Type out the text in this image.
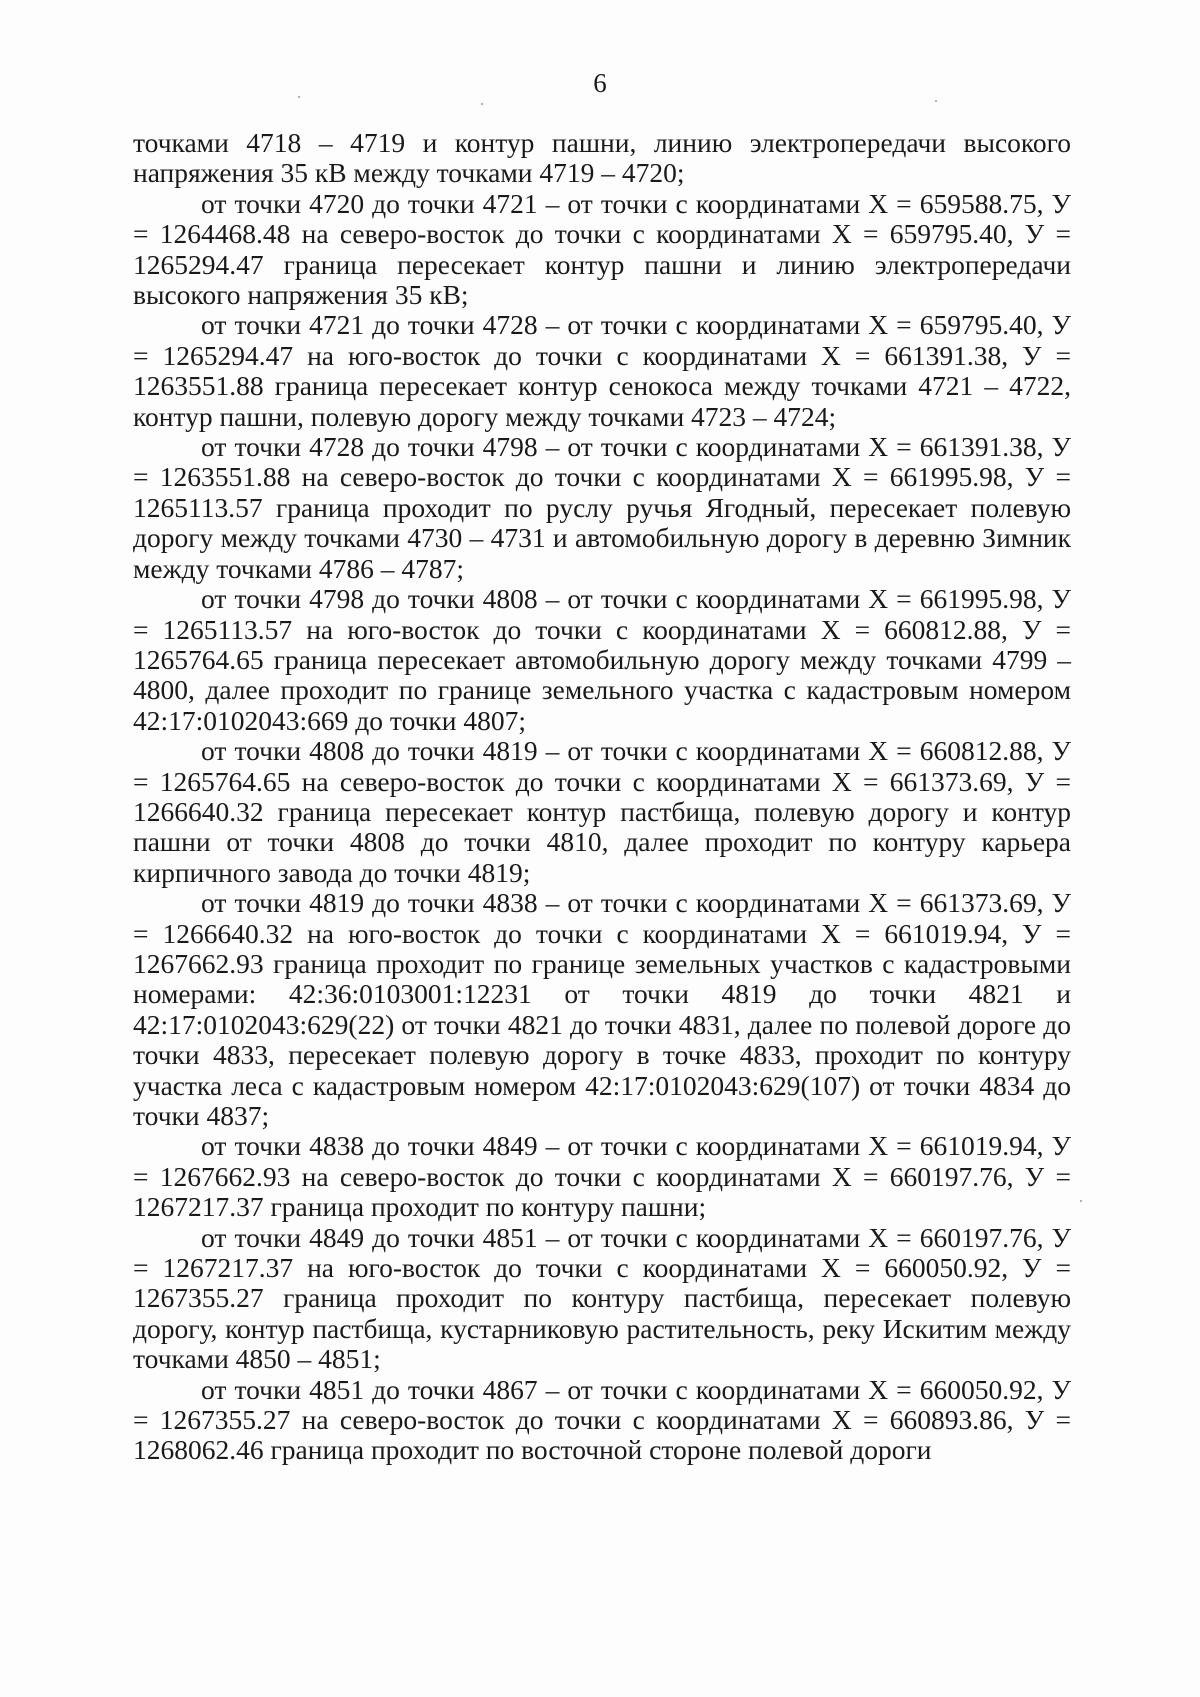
6

точками 4718 – 4719 и контур пашни, линию электропередачи высокого напряжения 35 кВ между точками 4719 – 4720;

от точки 4720 до точки 4721 – от точки с координатами Х = 659588.75, У = 1264468.48 на северо-восток до точки с координатами Х = 659795.40, У = 1265294.47 граница пересекает контур пашни и линию электропередачи высокого напряжения 35 кВ;

от точки 4721 до точки 4728 – от точки с координатами Х = 659795.40, У = 1265294.47 на юго-восток до точки с координатами Х = 661391.38, У = 1263551.88 граница пересекает контур сенокоса между точками 4721 – 4722, контур пашни, полевую дорогу между точками 4723 – 4724;

от точки 4728 до точки 4798 – от точки с координатами Х = 661391.38, У = 1263551.88 на северо-восток до точки с координатами Х = 661995.98, У = 1265113.57 граница проходит по руслу ручья Ягодный, пересекает полевую дорогу между точками 4730 – 4731 и автомобильную дорогу в деревню Зимник между точками 4786 – 4787;

от точки 4798 до точки 4808 – от точки с координатами Х = 661995.98, У = 1265113.57 на юго-восток до точки с координатами Х = 660812.88, У = 1265764.65 граница пересекает автомобильную дорогу между точками 4799 – 4800, далее проходит по границе земельного участка с кадастровым номером 42:17:0102043:669 до точки 4807;

от точки 4808 до точки 4819 – от точки с координатами Х = 660812.88, У = 1265764.65 на северо-восток до точки с координатами Х = 661373.69, У = 1266640.32 граница пересекает контур пастбища, полевую дорогу и контур пашни от точки 4808 до точки 4810, далее проходит по контуру карьера кирпичного завода до точки 4819;

от точки 4819 до точки 4838 – от точки с координатами Х = 661373.69, У = 1266640.32 на юго-восток до точки с координатами Х = 661019.94, У = 1267662.93 граница проходит по границе земельных участков с кадастровыми номерами: 42:36:0103001:12231 от точки 4819 до точки 4821 и 42:17:0102043:629(22) от точки 4821 до точки 4831, далее по полевой дороге до точки 4833, пересекает полевую дорогу в точке 4833, проходит по контуру участка леса с кадастровым номером 42:17:0102043:629(107) от точки 4834 до точки 4837;

от точки 4838 до точки 4849 – от точки с координатами Х = 661019.94, У = 1267662.93 на северо-восток до точки с координатами Х = 660197.76, У = 1267217.37 граница проходит по контуру пашни;

от точки 4849 до точки 4851 – от точки с координатами Х = 660197.76, У = 1267217.37 на юго-восток до точки с координатами Х = 660050.92, У = 1267355.27 граница проходит по контуру пастбища, пересекает полевую дорогу, контур пастбища, кустарниковую растительность, реку Искитим между точками 4850 – 4851;

от точки 4851 до точки 4867 – от точки с координатами Х = 660050.92, У = 1267355.27 на северо-восток до точки с координатами Х = 660893.86, У = 1268062.46 граница проходит по восточной стороне полевой дороги
